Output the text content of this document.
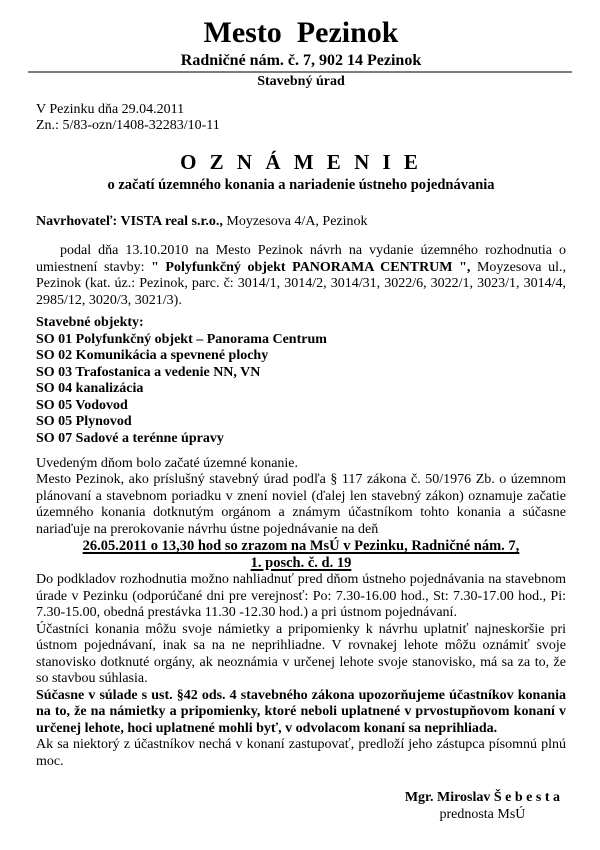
Mesto  Pezinok
Radničné nám. č. 7, 902 14 Pezinok
Stavebný úrad
V Pezinku dňa 29.04.2011
Zn.: 5/83-ozn/1408-32283/10-11
O Z N Á M E N I E
o začatí územného konania a nariadenie ústneho pojednávania

Navrhovateľ: VISTA real s.r.o., Moyzesova 4/A, Pezinok

podal dňa 13.10.2010 na Mesto Pezinok návrh na vydanie územného rozhodnutia o umiestnení stavby: " Polyfunkčný objekt PANORAMA CENTRUM ", Moyzesova ul., Pezinok (kat. úz.: Pezinok, parc. č: 3014/1, 3014/2, 3014/31, 3022/6, 3022/1, 3023/1, 3014/4, 2985/12, 3020/3, 3021/3).

Stavebné objekty:
SO 01 Polyfunkčný objekt – Panorama Centrum
SO 02 Komunikácia a spevnené plochy
SO 03 Trafostanica a vedenie NN, VN
SO 04 kanalizácia
SO 05 Vodovod
SO 05 Plynovod
SO 07 Sadové a terénne úpravy

Uvedeným dňom bolo začaté územné konanie.

Mesto Pezinok, ako príslušný stavebný úrad podľa § 117 zákona č. 50/1976 Zb. o územnom plánovaní a stavebnom poriadku v znení noviel (ďalej len stavebný zákon) oznamuje začatie územného konania dotknutým orgánom a známym účastníkom tohto konania a súčasne nariaďuje na prerokovanie návrhu ústne pojednávanie na deň

26.05.2011 o 13,30 hod so zrazom na MsÚ v Pezinku, Radničné nám. 7,
1. posch. č. d. 19

Do podkladov rozhodnutia možno nahliadnuť pred dňom ústneho pojednávania na stavebnom úrade v Pezinku (odporúčané dni pre verejnosť: Po: 7.30-16.00 hod., St: 7.30-17.00 hod., Pi: 7.30-15.00, obedná prestávka 11.30 -12.30 hod.) a pri ústnom pojednávaní.

Účastníci konania môžu svoje námietky a pripomienky k návrhu uplatniť najneskoršie pri ústnom pojednávaní, inak sa na ne neprihliadne. V rovnakej lehote môžu oznámiť svoje stanovisko dotknuté orgány, ak neoznámia v určenej lehote svoje stanovisko, má sa za to, že so stavbou súhlasia.

Súčasne v súlade s ust. §42 ods. 4 stavebného zákona upozorňujeme účastníkov konania na to, že na námietky a pripomienky, ktoré neboli uplatnené v prvostupňovom konaní v určenej lehote, hoci uplatnené mohli byť, v odvolacom konaní sa neprihliada.

Ak sa niektorý z účastníkov nechá v konaní zastupovať, predloží jeho zástupca písomnú plnú moc.

Mgr. Miroslav Š e b e s t a
prednosta MsÚ
